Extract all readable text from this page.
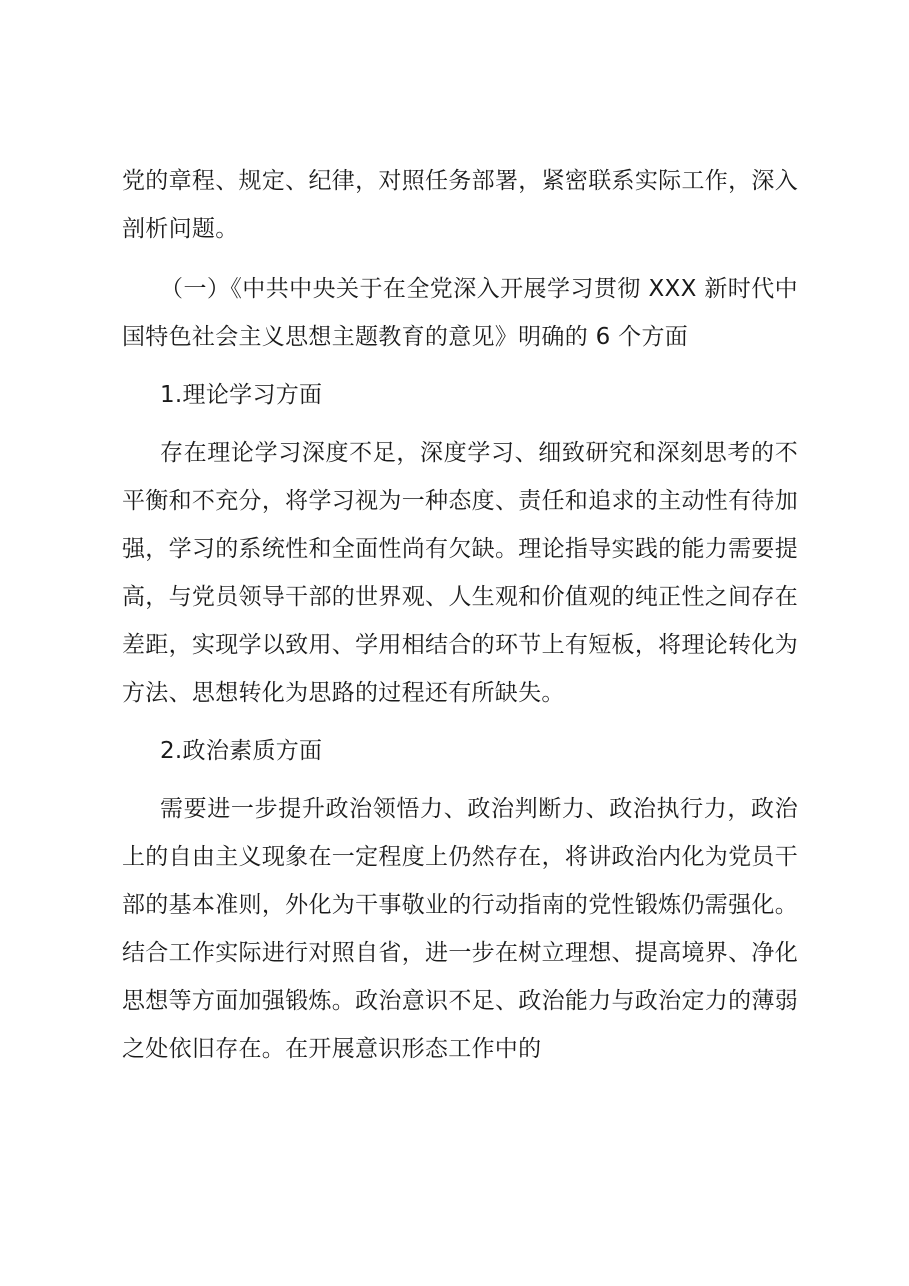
党的章程、规定、纪律，对照任务部署，紧密联系实际工作，深入剖析问题。

（一）《中共中央关于在全党深入开展学习贯彻 XXX 新时代中国特色社会主义思想主题教育的意见》明确的 6 个方面

1.理论学习方面

存在理论学习深度不足，深度学习、细致研究和深刻思考的不平衡和不充分，将学习视为一种态度、责任和追求的主动性有待加强，学习的系统性和全面性尚有欠缺。理论指导实践的能力需要提高，与党员领导干部的世界观、人生观和价值观的纯正性之间存在差距，实现学以致用、学用相结合的环节上有短板，将理论转化为方法、思想转化为思路的过程还有所缺失。

2.政治素质方面

需要进一步提升政治领悟力、政治判断力、政治执行力，政治上的自由主义现象在一定程度上仍然存在，将讲政治内化为党员干部的基本准则，外化为干事敬业的行动指南的党性锻炼仍需强化。结合工作实际进行对照自省，进一步在树立理想、提高境界、净化思想等方面加强锻炼。政治意识不足、政治能力与政治定力的薄弱之处依旧存在。在开展意识形态工作中的
